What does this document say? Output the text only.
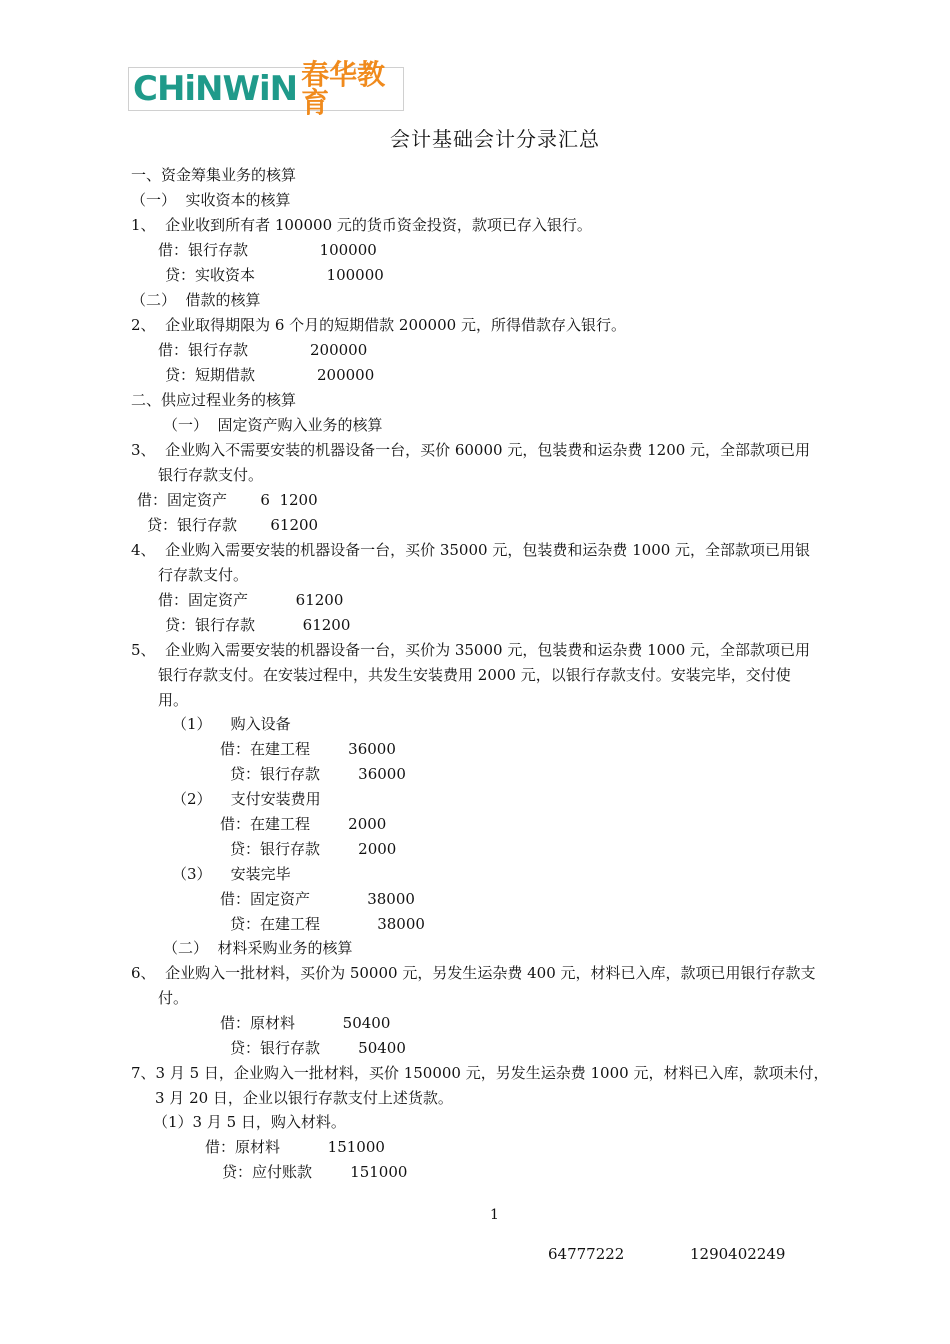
CHiNWiN 春华教育
会计基础会计分录汇总
一、资金筹集业务的核算
（一）  实收资本的核算
1、  企业收到所有者 100000 元的货币资金投资，款项已存入银行。
借：银行存款               100000
贷：实收资本               100000
（二）  借款的核算
2、  企业取得期限为 6 个月的短期借款 200000 元，所得借款存入银行。
借：银行存款             200000
贷：短期借款             200000
二、供应过程业务的核算
（一）  固定资产购入业务的核算
3、  企业购入不需要安装的机器设备一台，买价 60000 元，包装费和运杂费 1200 元，全部款项已用
银行存款支付。
借：固定资产       6  1200
贷：银行存款       61200
4、  企业购入需要安装的机器设备一台，买价 35000 元，包装费和运杂费 1000 元，全部款项已用银
行存款支付。
借：固定资产          61200
贷：银行存款          61200
5、  企业购入需要安装的机器设备一台，买价为 35000 元，包装费和运杂费 1000 元，全部款项已用
银行存款支付。在安装过程中，共发生安装费用 2000 元，以银行存款支付。安装完毕，交付使
用。
（1）    购入设备
借：在建工程        36000
贷：银行存款        36000
（2）    支付安装费用
借：在建工程        2000
贷：银行存款        2000
（3）    安装完毕
借：固定资产            38000
贷：在建工程            38000
（二）  材料采购业务的核算
6、  企业购入一批材料，买价为 50000 元，另发生运杂费 400 元，材料已入库，款项已用银行存款支
付。
借：原材料          50400
贷：银行存款        50400
7、3 月 5 日，企业购入一批材料，买价 150000 元，另发生运杂费 1000 元，材料已入库，款项未付，
3 月 20 日，企业以银行存款支付上述货款。
（1）3 月 5 日，购入材料。
借：原材料          151000
贷：应付账款        151000
1
64777222	1290402249
